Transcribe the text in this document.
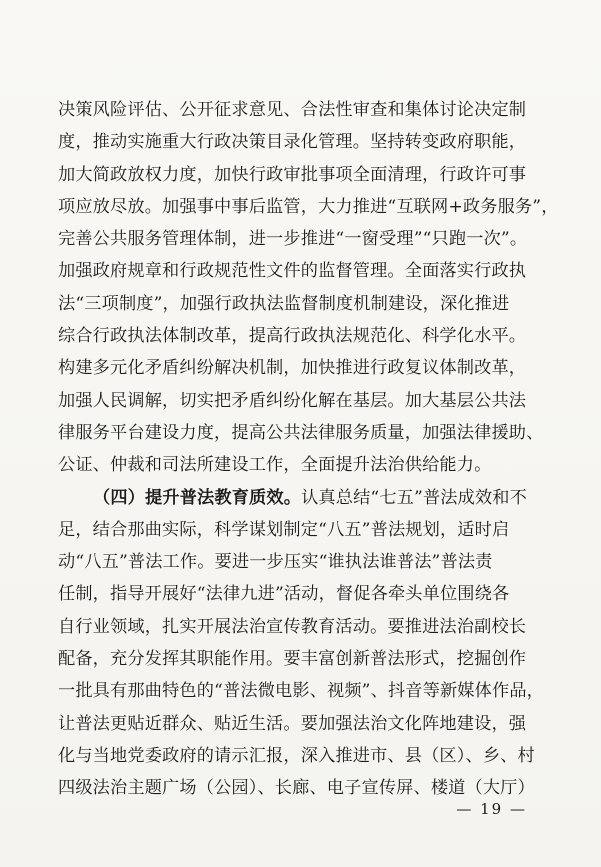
决策风险评估、公开征求意见、合法性审查和集体讨论决定制
度，推动实施重大行政决策目录化管理。坚持转变政府职能，
加大简政放权力度，加快行政审批事项全面清理，行政许可事
项应放尽放。加强事中事后监管，大力推进“互联网+政务服务”，
完善公共服务管理体制，进一步推进“一窗受理”“只跑一次”。
加强政府规章和行政规范性文件的监督管理。全面落实行政执
法“三项制度”，加强行政执法监督制度机制建设，深化推进
综合行政执法体制改革，提高行政执法规范化、科学化水平。
构建多元化矛盾纠纷解决机制，加快推进行政复议体制改革，
加强人民调解，切实把矛盾纠纷化解在基层。加大基层公共法
律服务平台建设力度，提高公共法律服务质量，加强法律援助、
公证、仲裁和司法所建设工作，全面提升法治供给能力。
（四）提升普法教育质效。认真总结“七五”普法成效和不
足，结合那曲实际，科学谋划制定“八五”普法规划，适时启
动“八五”普法工作。要进一步压实“谁执法谁普法”普法责
任制，指导开展好“法律九进”活动，督促各牵头单位围绕各
自行业领域，扎实开展法治宣传教育活动。要推进法治副校长
配备，充分发挥其职能作用。要丰富创新普法形式，挖掘创作
一批具有那曲特色的“普法微电影、视频”、抖音等新媒体作品，
让普法更贴近群众、贴近生活。要加强法治文化阵地建设，强
化与当地党委政府的请示汇报，深入推进市、县（区）、乡、村
四级法治主题广场（公园）、长廊、电子宣传屏、楼道（大厅）
— 19 —
